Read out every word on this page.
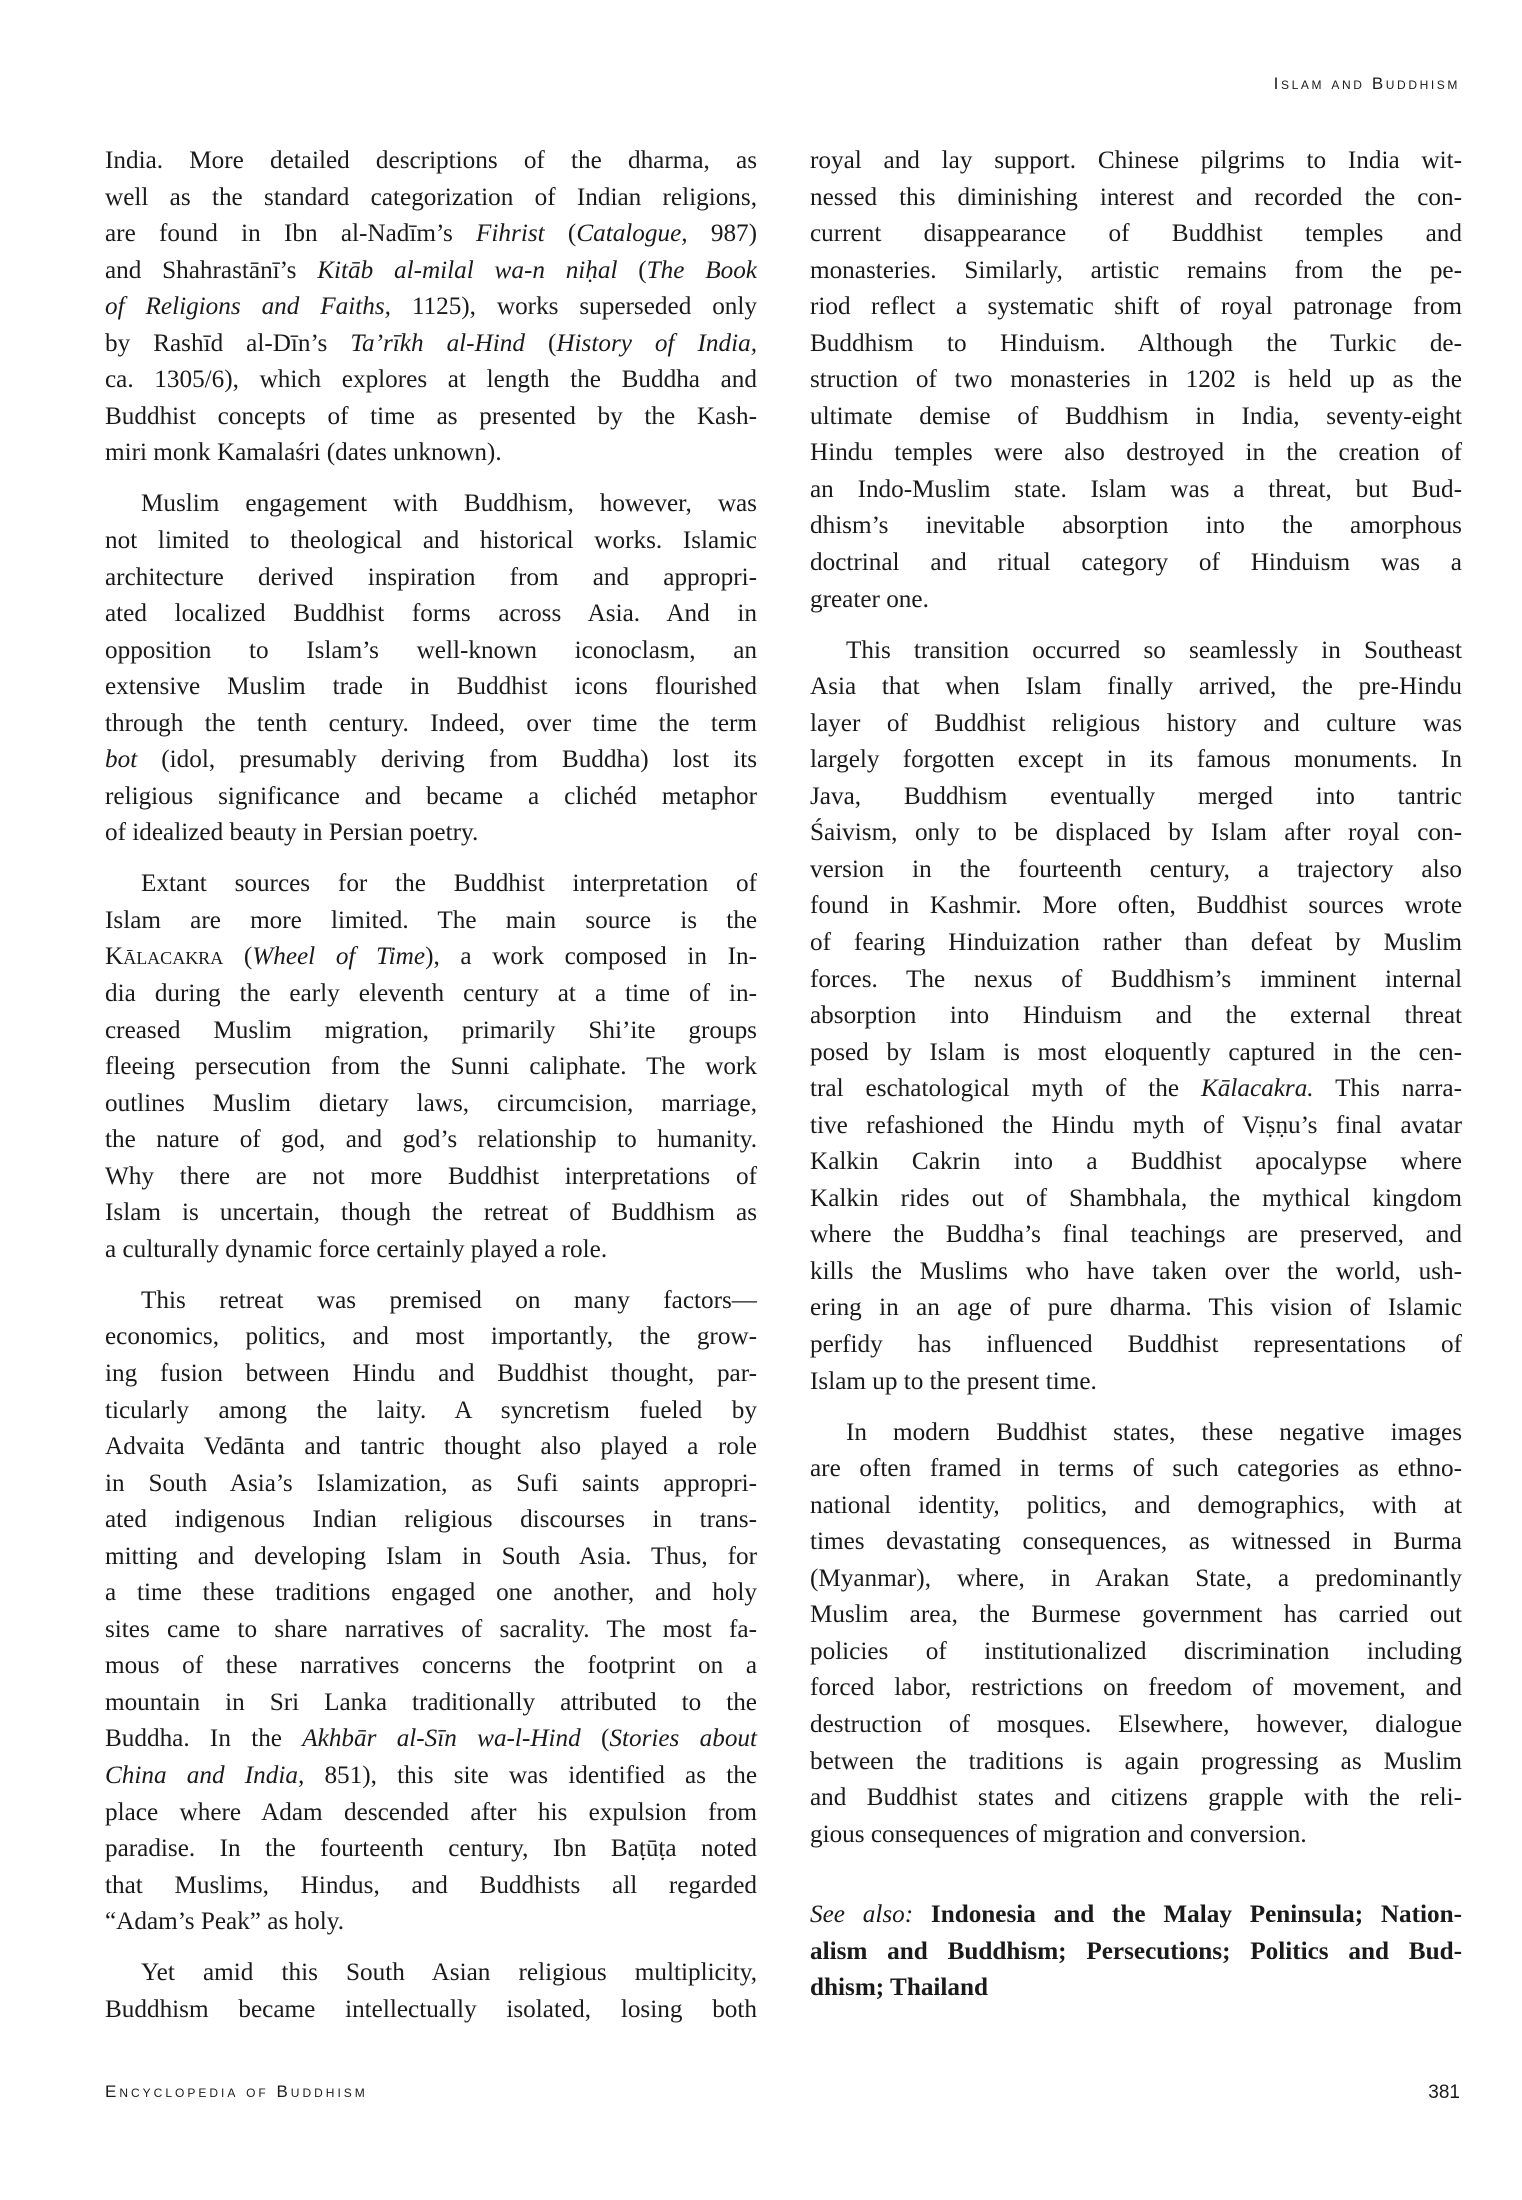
Islam and Buddhism
India. More detailed descriptions of the dharma, as
well as the standard categorization of Indian religions,
are found in Ibn al-Nadīm’s Fihrist (Catalogue, 987)
and Shahrastānī’s Kitāb al-milal wa-n niḥal (The Book
of Religions and Faiths, 1125), works superseded only
by Rashīd al-Dīn’s Ta’rīkh al-Hind (History of India,
ca. 1305/6), which explores at length the Buddha and
Buddhist concepts of time as presented by the Kash-
miri monk Kamalaśri (dates unknown).
Muslim engagement with Buddhism, however, was
not limited to theological and historical works. Islamic
architecture derived inspiration from and appropri-
ated localized Buddhist forms across Asia. And in
opposition to Islam’s well-known iconoclasm, an
extensive Muslim trade in Buddhist icons flourished
through the tenth century. Indeed, over time the term
bot (idol, presumably deriving from Buddha) lost its
religious significance and became a clichéd metaphor
of idealized beauty in Persian poetry.
Extant sources for the Buddhist interpretation of
Islam are more limited. The main source is the
Kālacakra (Wheel of Time), a work composed in In-
dia during the early eleventh century at a time of in-
creased Muslim migration, primarily Shi’ite groups
fleeing persecution from the Sunni caliphate. The work
outlines Muslim dietary laws, circumcision, marriage,
the nature of god, and god’s relationship to humanity.
Why there are not more Buddhist interpretations of
Islam is uncertain, though the retreat of Buddhism as
a culturally dynamic force certainly played a role.
This retreat was premised on many factors—
economics, politics, and most importantly, the grow-
ing fusion between Hindu and Buddhist thought, par-
ticularly among the laity. A syncretism fueled by
Advaita Vedānta and tantric thought also played a role
in South Asia’s Islamization, as Sufi saints appropri-
ated indigenous Indian religious discourses in trans-
mitting and developing Islam in South Asia. Thus, for
a time these traditions engaged one another, and holy
sites came to share narratives of sacrality. The most fa-
mous of these narratives concerns the footprint on a
mountain in Sri Lanka traditionally attributed to the
Buddha. In the Akhbār al-Sīn wa-l-Hind (Stories about
China and India, 851), this site was identified as the
place where Adam descended after his expulsion from
paradise. In the fourteenth century, Ibn Baṭūṭa noted
that Muslims, Hindus, and Buddhists all regarded
“Adam’s Peak” as holy.
Yet amid this South Asian religious multiplicity,
Buddhism became intellectually isolated, losing both
royal and lay support. Chinese pilgrims to India wit-
nessed this diminishing interest and recorded the con-
current disappearance of Buddhist temples and
monasteries. Similarly, artistic remains from the pe-
riod reflect a systematic shift of royal patronage from
Buddhism to Hinduism. Although the Turkic de-
struction of two monasteries in 1202 is held up as the
ultimate demise of Buddhism in India, seventy-eight
Hindu temples were also destroyed in the creation of
an Indo-Muslim state. Islam was a threat, but Bud-
dhism’s inevitable absorption into the amorphous
doctrinal and ritual category of Hinduism was a
greater one.
This transition occurred so seamlessly in Southeast
Asia that when Islam finally arrived, the pre-Hindu
layer of Buddhist religious history and culture was
largely forgotten except in its famous monuments. In
Java, Buddhism eventually merged into tantric
Śaivism, only to be displaced by Islam after royal con-
version in the fourteenth century, a trajectory also
found in Kashmir. More often, Buddhist sources wrote
of fearing Hinduization rather than defeat by Muslim
forces. The nexus of Buddhism’s imminent internal
absorption into Hinduism and the external threat
posed by Islam is most eloquently captured in the cen-
tral eschatological myth of the Kālacakra. This narra-
tive refashioned the Hindu myth of Viṣṇu’s final avatar
Kalkin Cakrin into a Buddhist apocalypse where
Kalkin rides out of Shambhala, the mythical kingdom
where the Buddha’s final teachings are preserved, and
kills the Muslims who have taken over the world, ush-
ering in an age of pure dharma. This vision of Islamic
perfidy has influenced Buddhist representations of
Islam up to the present time.
In modern Buddhist states, these negative images
are often framed in terms of such categories as ethno-
national identity, politics, and demographics, with at
times devastating consequences, as witnessed in Burma
(Myanmar), where, in Arakan State, a predominantly
Muslim area, the Burmese government has carried out
policies of institutionalized discrimination including
forced labor, restrictions on freedom of movement, and
destruction of mosques. Elsewhere, however, dialogue
between the traditions is again progressing as Muslim
and Buddhist states and citizens grapple with the reli-
gious consequences of migration and conversion.
See also: Indonesia and the Malay Peninsula; Nation-
alism and Buddhism; Persecutions; Politics and Bud-
dhism; Thailand
Encyclopedia of Buddhism	381
